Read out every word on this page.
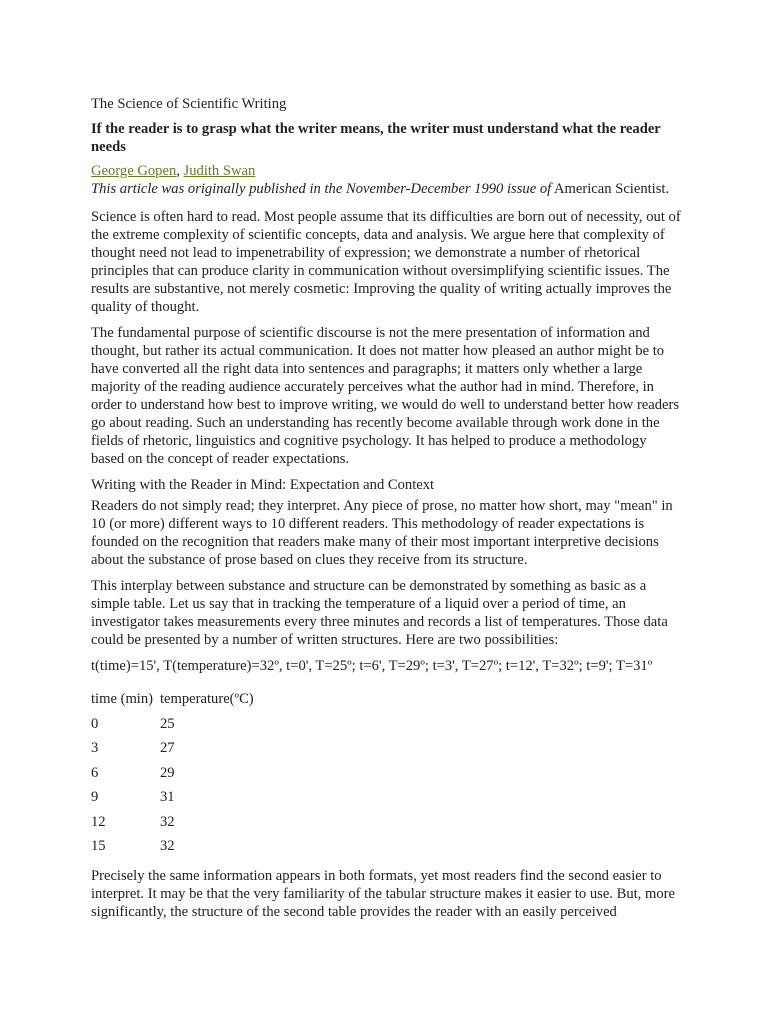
The Science of Scientific Writing

If the reader is to grasp what the writer means, the writer must understand what the reader needs

George Gopen, Judith Swan

This article was originally published in the November-December 1990 issue of American Scientist.

Science is often hard to read. Most people assume that its difficulties are born out of necessity, out of the extreme complexity of scientific concepts, data and analysis. We argue here that complexity of thought need not lead to impenetrability of expression; we demonstrate a number of rhetorical principles that can produce clarity in communication without oversimplifying scientific issues. The results are substantive, not merely cosmetic: Improving the quality of writing actually improves the quality of thought.

The fundamental purpose of scientific discourse is not the mere presentation of information and thought, but rather its actual communication. It does not matter how pleased an author might be to have converted all the right data into sentences and paragraphs; it matters only whether a large majority of the reading audience accurately perceives what the author had in mind. Therefore, in order to understand how best to improve writing, we would do well to understand better how readers go about reading. Such an understanding has recently become available through work done in the fields of rhetoric, linguistics and cognitive psychology. It has helped to produce a methodology based on the concept of reader expectations.

Writing with the Reader in Mind: Expectation and Context

Readers do not simply read; they interpret. Any piece of prose, no matter how short, may "mean" in 10 (or more) different ways to 10 different readers. This methodology of reader expectations is founded on the recognition that readers make many of their most important interpretive decisions about the substance of prose based on clues they receive from its structure.

This interplay between substance and structure can be demonstrated by something as basic as a simple table. Let us say that in tracking the temperature of a liquid over a period of time, an investigator takes measurements every three minutes and records a list of temperatures. Those data could be presented by a number of written structures. Here are two possibilities:

t(time)=15', T(temperature)=32º, t=0', T=25º; t=6', T=29º; t=3', T=27º; t=12', T=32º; t=9'; T=31º

time (min)	temperature(ºC)
0	25
3	27
6	29
9	31
12	32
15	32

Precisely the same information appears in both formats, yet most readers find the second easier to interpret. It may be that the very familiarity of the tabular structure makes it easier to use. But, more significantly, the structure of the second table provides the reader with an easily perceived
